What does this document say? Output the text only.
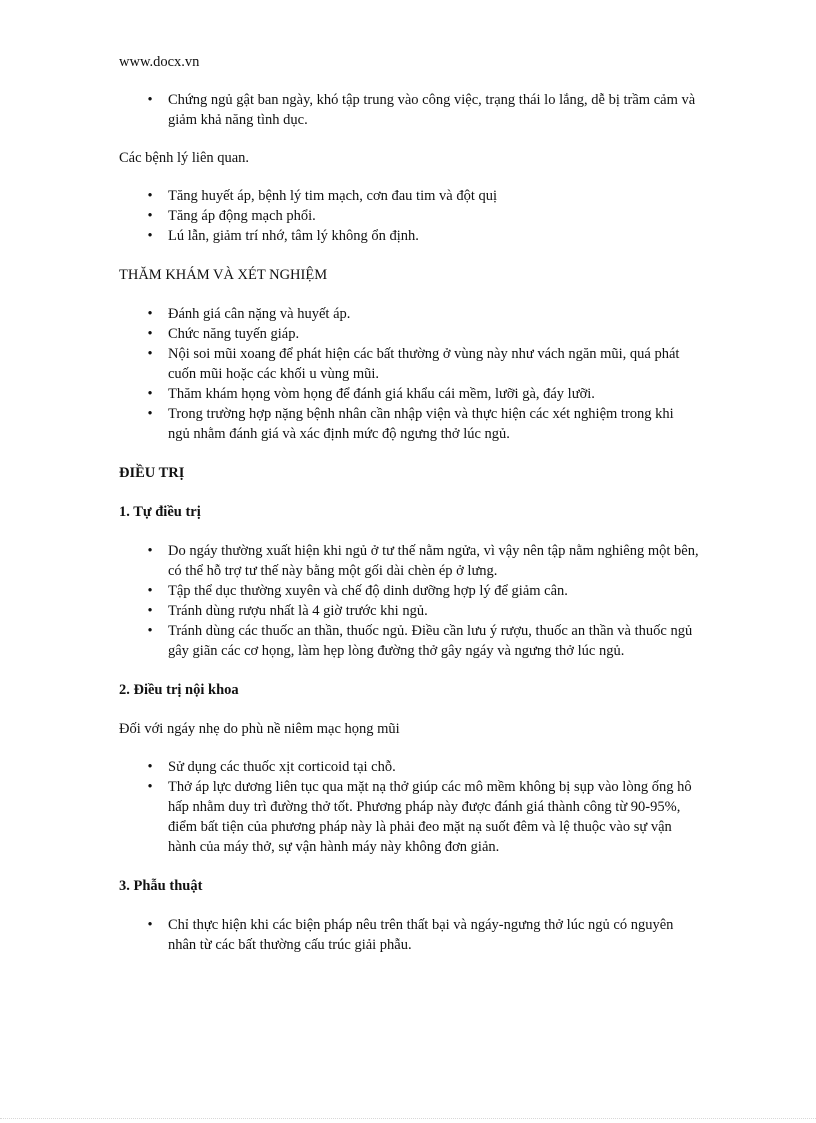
www.docx.vn

• Chứng ngủ gật ban ngày, khó tập trung vào công việc, trạng thái lo lắng, dễ bị trầm cảm và giảm khả năng tình dục.

Các bệnh lý liên quan.

• Tăng huyết áp, bệnh lý tim mạch, cơn đau tim và đột quị
• Tăng áp động mạch phổi.
• Lú lẫn, giảm trí nhớ, tâm lý không ổn định.

THĂM KHÁM VÀ XÉT NGHIỆM

• Đánh giá cân nặng và huyết áp.
• Chức năng tuyến giáp.
• Nội soi mũi xoang để phát hiện các bất thường ở vùng này như vách ngăn mũi, quá phát cuốn mũi hoặc các khối u vùng mũi.
• Thăm khám họng vòm họng để đánh giá khẩu cái mềm, lưỡi gà, đáy lưỡi.
• Trong trường hợp nặng bệnh nhân cần nhập viện và thực hiện các xét nghiệm trong khi ngủ nhằm đánh giá và xác định mức độ ngưng thở lúc ngủ.

ĐIỀU TRỊ

1. Tự điều trị

• Do ngáy thường xuất hiện khi ngủ ở tư thế nằm ngửa, vì vậy nên tập nằm nghiêng một bên, có thể hỗ trợ tư thế này bằng một gối dài chèn ép ở lưng.
• Tập thể dục thường xuyên và chế độ dinh dưỡng hợp lý để giảm cân.
• Tránh dùng rượu nhất là 4 giờ trước khi ngủ.
• Tránh dùng các thuốc an thần, thuốc ngủ. Điều cần lưu ý rượu, thuốc an thần và thuốc ngủ gây giãn các cơ họng, làm hẹp lòng đường thở gây ngáy và ngưng thở lúc ngủ.

2. Điều trị nội khoa

Đối với ngáy nhẹ do phù nề niêm mạc họng mũi

• Sử dụng các thuốc xịt corticoid tại chỗ.
• Thở áp lực dương liên tục qua mặt nạ thở giúp các mô mềm không bị sụp vào lòng ống hô hấp nhằm duy trì đường thở tốt. Phương pháp này được đánh giá thành công từ 90-95%, điểm bất tiện của phương pháp này là phải đeo mặt nạ suốt đêm và lệ thuộc vào sự vận hành của máy thở, sự vận hành máy này không đơn giản.

3. Phẫu thuật

• Chỉ thực hiện khi các biện pháp nêu trên thất bại và ngáy-ngưng thở lúc ngủ có nguyên nhân từ các bất thường cấu trúc giải phẫu.
